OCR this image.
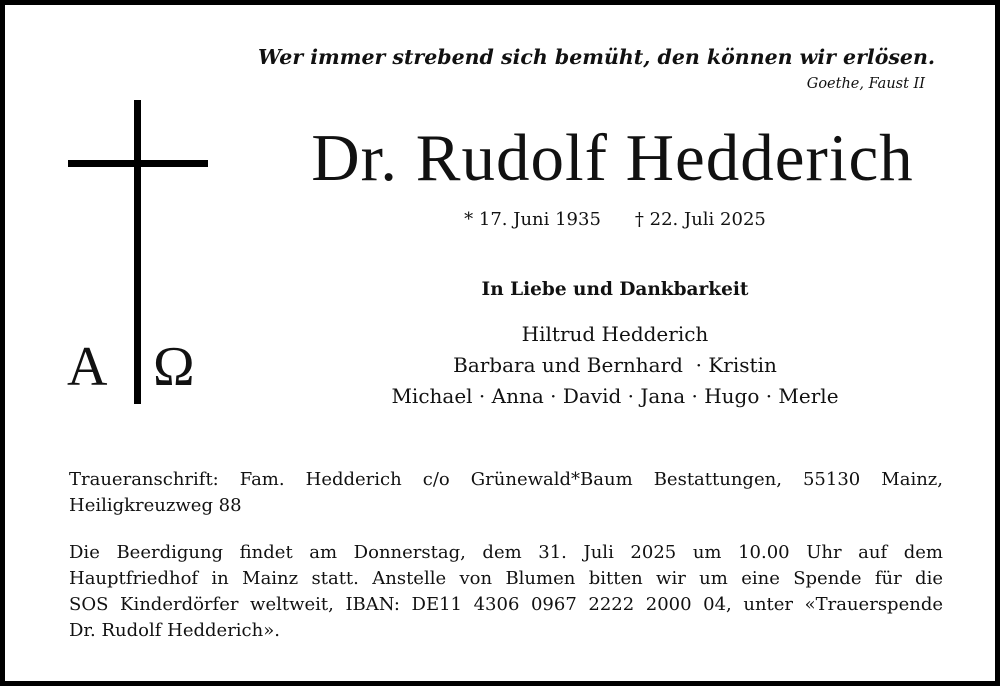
Wer immer strebend sich bemüht, den können wir erlösen.
Goethe, Faust II
A Ω
Dr. Rudolf Hedderich
* 17. Juni 1935 † 22. Juli 2025
In Liebe und Dankbarkeit
Hiltrud Hedderich
Barbara und Bernhard  · Kristin
Michael · Anna · David · Jana · Hugo · Merle
Traueranschrift: Fam. Hedderich c/o Grünewald*Baum Bestattungen, 55130 Mainz,
Heiligkreuzweg 88
Die Beerdigung findet am Donnerstag, dem 31. Juli 2025 um 10.00 Uhr auf dem
Hauptfriedhof in Mainz statt. Anstelle von Blumen bitten wir um eine Spende für die
SOS Kinderdörfer weltweit, IBAN: DE11 4306 0967 2222 2000 04, unter «Trauerspende
Dr. Rudolf Hedderich».
